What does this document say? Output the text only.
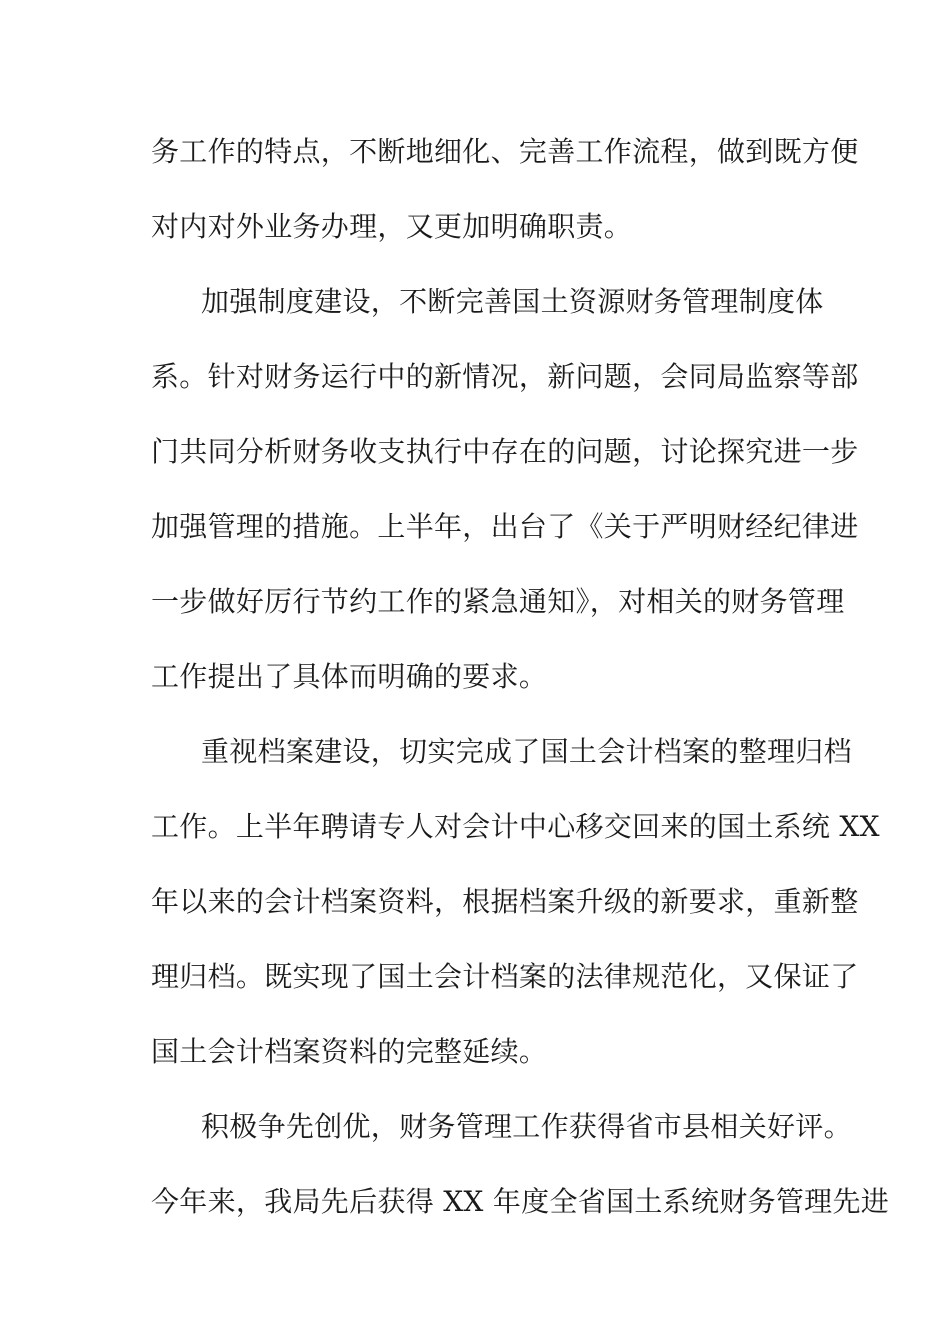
务工作的特点，不断地细化、完善工作流程，做到既方便
对内对外业务办理，又更加明确职责。
加强制度建设，不断完善国土资源财务管理制度体
系。针对财务运行中的新情况，新问题，会同局监察等部
门共同分析财务收支执行中存在的问题，讨论探究进一步
加强管理的措施。上半年，出台了《关于严明财经纪律进
一步做好厉行节约工作的紧急通知》，对相关的财务管理
工作提出了具体而明确的要求。
重视档案建设，切实完成了国土会计档案的整理归档
工作。上半年聘请专人对会计中心移交回来的国土系统 XX
年以来的会计档案资料，根据档案升级的新要求，重新整
理归档。既实现了国土会计档案的法律规范化，又保证了
国土会计档案资料的完整延续。
积极争先创优，财务管理工作获得省市县相关好评。
今年来，我局先后获得 XX 年度全省国土系统财务管理先进
